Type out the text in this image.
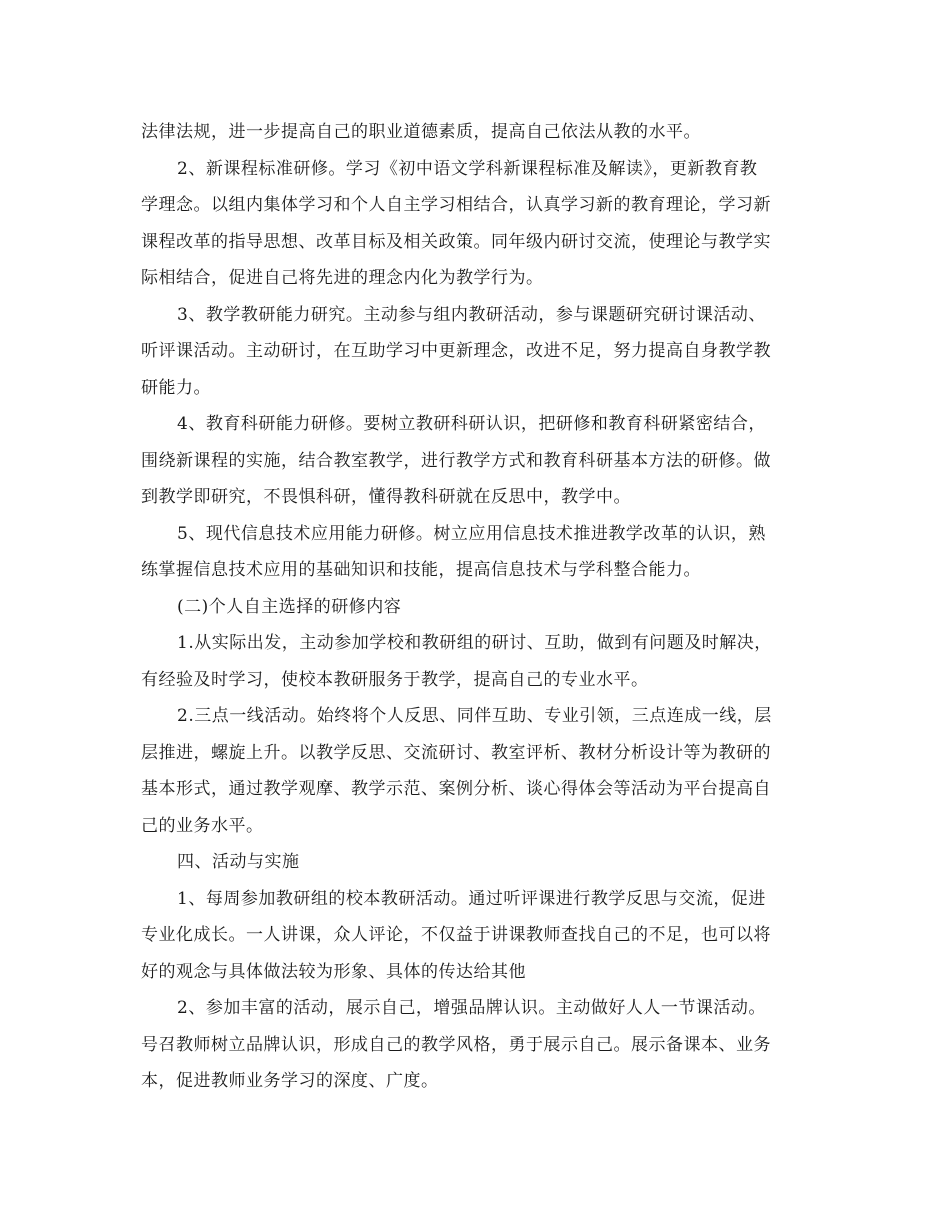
法律法规，进一步提高自己的职业道德素质，提高自己依法从教的水平。

2、新课程标准研修。学习《初中语文学科新课程标准及解读》，更新教育教
学理念。以组内集体学习和个人自主学习相结合，认真学习新的教育理论，学习新
课程改革的指导思想、改革目标及相关政策。同年级内研讨交流，使理论与教学实
际相结合，促进自己将先进的理念内化为教学行为。

3、教学教研能力研究。主动参与组内教研活动，参与课题研究研讨课活动、
听评课活动。主动研讨，在互助学习中更新理念，改进不足，努力提高自身教学教
研能力。

4、教育科研能力研修。要树立教研科研认识，把研修和教育科研紧密结合，
围绕新课程的实施，结合教室教学，进行教学方式和教育科研基本方法的研修。做
到教学即研究，不畏惧科研，懂得教科研就在反思中，教学中。

5、现代信息技术应用能力研修。树立应用信息技术推进教学改革的认识，熟
练掌握信息技术应用的基础知识和技能，提高信息技术与学科整合能力。

(二)个人自主选择的研修内容

1.从实际出发，主动参加学校和教研组的研讨、互助，做到有问题及时解决，
有经验及时学习，使校本教研服务于教学，提高自己的专业水平。

2.三点一线活动。始终将个人反思、同伴互助、专业引领，三点连成一线，层
层推进，螺旋上升。以教学反思、交流研讨、教室评析、教材分析设计等为教研的
基本形式，通过教学观摩、教学示范、案例分析、谈心得体会等活动为平台提高自
己的业务水平。

四、活动与实施

1、每周参加教研组的校本教研活动。通过听评课进行教学反思与交流，促进
专业化成长。一人讲课，众人评论，不仅益于讲课教师查找自己的不足，也可以将
好的观念与具体做法较为形象、具体的传达给其他

2、参加丰富的活动，展示自己，增强品牌认识。主动做好人人一节课活动。
号召教师树立品牌认识，形成自己的教学风格，勇于展示自己。展示备课本、业务
本，促进教师业务学习的深度、广度。
